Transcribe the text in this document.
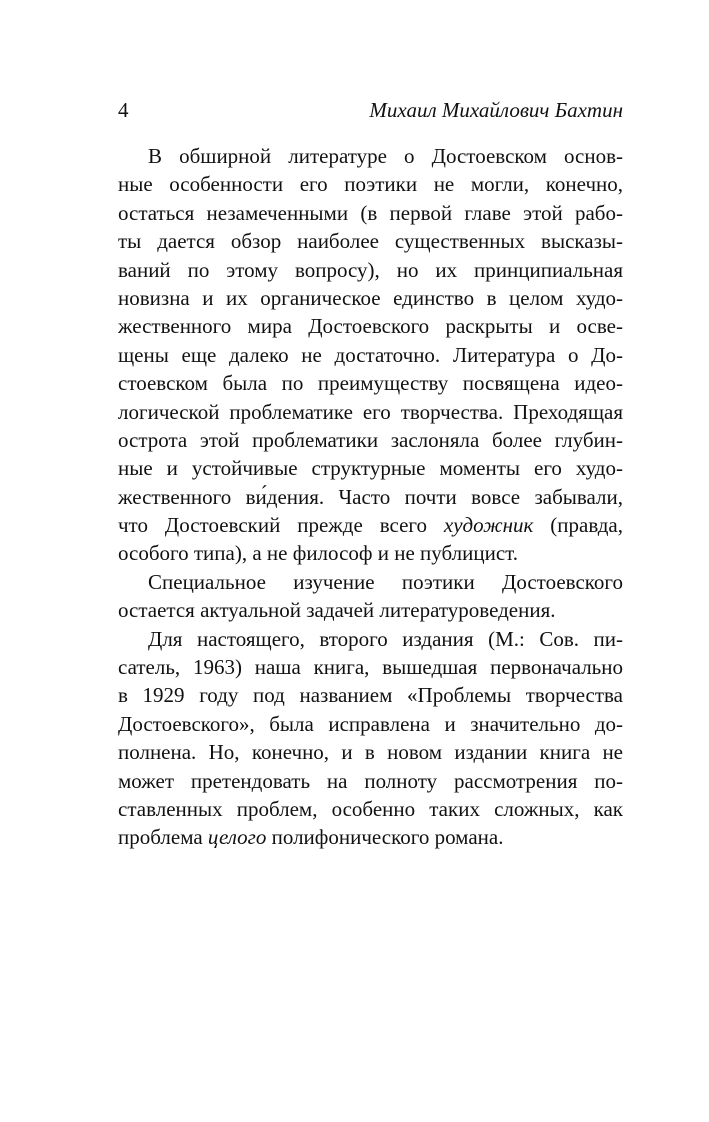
4	Михаил Михайлович Бахтин
В обширной литературе о Достоевском основ-
ные особенности его поэтики не могли, конечно,
остаться незамеченными (в первой главе этой рабо-
ты дается обзор наиболее существенных высказы-
ваний по этому вопросу), но их принципиальная
новизна и их органическое единство в целом худо-
жественного мира Достоевского раскрыты и осве-
щены еще далеко не достаточно. Литература о До-
стоевском была по преимуществу посвящена идео-
логической проблематике его творчества. Преходящая
острота этой проблематики заслоняла более глубин-
ные и устойчивые структурные моменты его худо-
жественного ви́дения. Часто почти вовсе забывали,
что Достоевский прежде всего художник (правда,
особого типа), а не философ и не публицист.
Специальное изучение поэтики Достоевского
остается актуальной задачей литературоведения.
Для настоящего, второго издания (М.: Сов. пи-
сатель, 1963) наша книга, вышедшая первоначально
в 1929 году под названием «Проблемы творчества
Достоевского», была исправлена и значительно до-
полнена. Но, конечно, и в новом издании книга не
может претендовать на полноту рассмотрения по-
ставленных проблем, особенно таких сложных, как
проблема целого полифонического романа.
